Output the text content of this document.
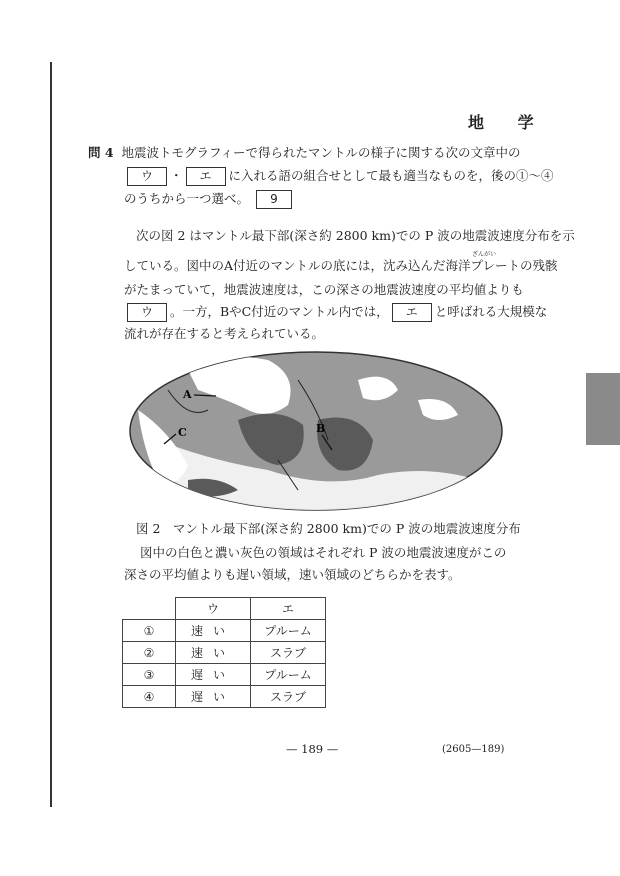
地 学
問 4 地震波トモグラフィーで得られたマントルの様子に関する次の文章中の
ウ ・ エ に入れる語の組合せとして最も適当なものを，後の①～④
のうちから一つ選べ。 9
次の図 2 はマントル最下部(深さ約 2800 km)での P 波の地震波速度分布を示
ざんがい
している。図中のA付近のマントルの底には，沈み込んだ海洋プレートの残骸
がたまっていて，地震波速度は，この深さの地震波速度の平均値よりも
ウ 。一方，BやC付近のマントル内では， エ と呼ばれる大規模な
流れが存在すると考えられている。
A
B
C
図 2　マントル最下部(深さ約 2800 km)での P 波の地震波速度分布
図中の白色と濃い灰色の領域はそれぞれ P 波の地震波速度がこの
深さの平均値よりも遅い領域，速い領域のどちらかを表す。
	ウ	エ
①	速い	プルーム
②	速い	スラブ
③	遅い	プルーム
④	遅い	スラブ
— 189 —	(2605—189)
